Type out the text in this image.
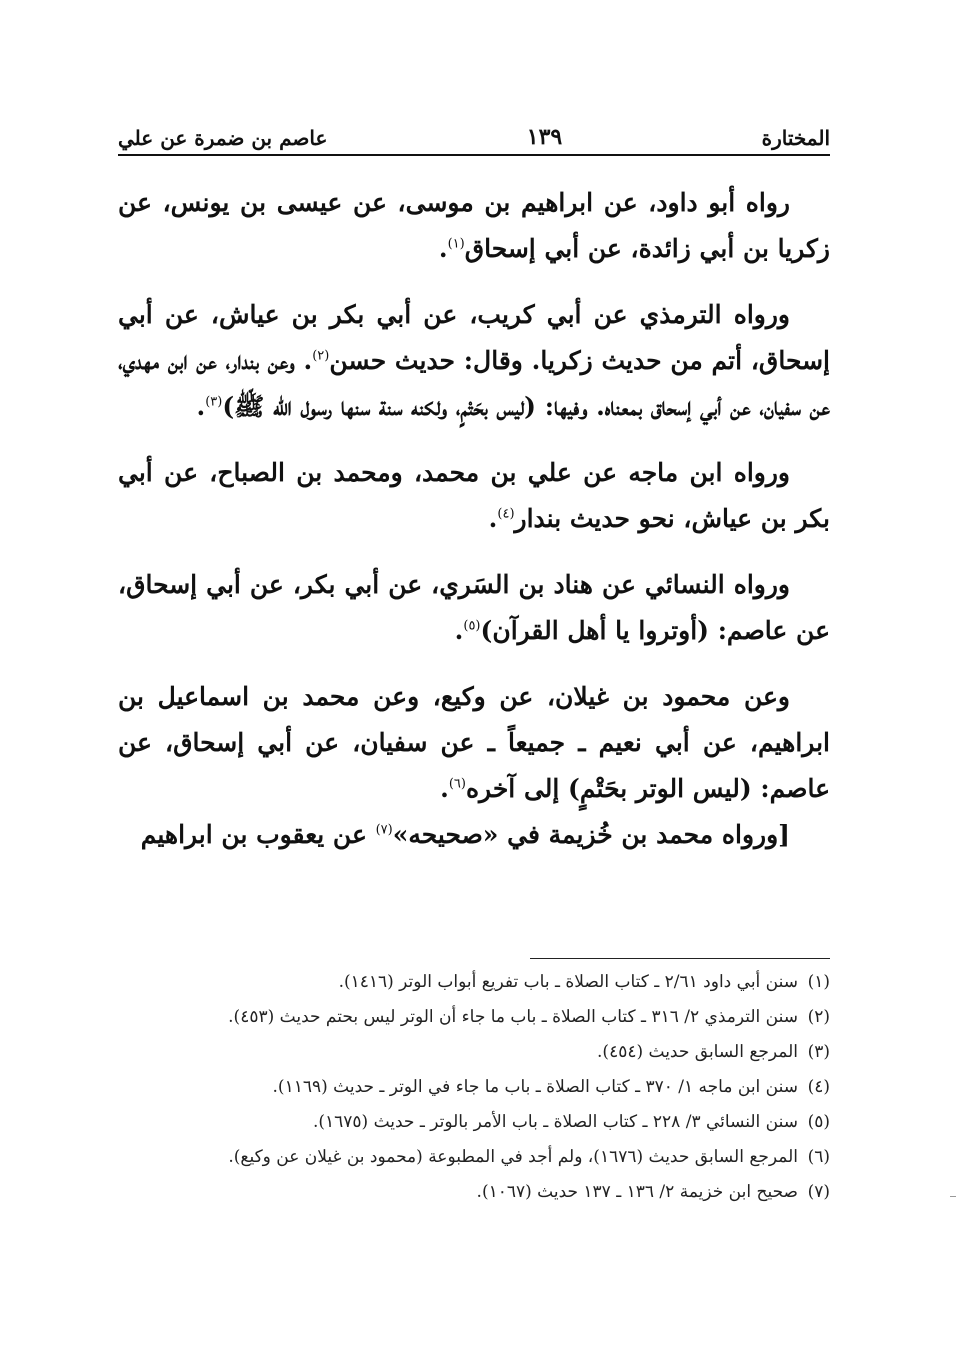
المختارة
١٣٩
عاصم بن ضمرة عن علي

رواه أبو داود، عن ابراهيم بن موسى، عن عيسى بن يونس، عن زكريا بن أبي زائدة، عن أبي إسحاق$^{(١)}$.

ورواه الترمذي عن أبي كريب، عن أبي بكر بن عياش، عن أبي إسحاق، أتم من حديث زكريا. وقال: حديث حسن$^{(٢)}$. وعن بندار، عن ابن مهدي، عن سفيان، عن أبي إسحاق بمعناه. وفيها: (ليس بحَتْمٍ، ولكنه سنة سنها رسول الله ﷺ)$^{(٣)}$.

ورواه ابن ماجه عن علي بن محمد، ومحمد بن الصباح، عن أبي بكر بن عياش، نحو حديث بندار$^{(٤)}$.

ورواه النسائي عن هناد بن السَري، عن أبي بكر، عن أبي إسحاق، عن عاصم: (أوتروا يا أهل القرآن)$^{(٥)}$.

وعن محمود بن غيلان، عن وكيع، وعن محمد بن اسماعيل بن ابراهيم، عن أبي نعيم ـ جميعاً ـ عن سفيان، عن أبي إسحاق، عن عاصم: (ليس الوتر بحَتْمٍ) إلى آخره$^{(٦)}$.

[ورواه محمد بن خُزيمة في «صحيحه»$^{(٧)}$ عن يعقوب بن ابراهيم

(١)
سنن أبي داود ٢/٦١ ـ كتاب الصلاة ـ باب تفريع أبواب الوتر (١٤١٦).
(٢)
سنن الترمذي ٢/ ٣١٦ ـ كتاب الصلاة ـ باب ما جاء أن الوتر ليس بحتم حديث (٤٥٣).
(٣)
المرجع السابق حديث (٤٥٤).
(٤)
سنن ابن ماجه ١/ ٣٧٠ ـ كتاب الصلاة ـ باب ما جاء في الوتر ـ حديث (١١٦٩).
(٥)
سنن النسائي ٣/ ٢٢٨ ـ كتاب الصلاة ـ باب الأمر بالوتر ـ حديث (١٦٧٥).
(٦)
المرجع السابق حديث (١٦٧٦)، ولم أجد في المطبوعة (محمود بن غيلان عن وكيع).
(٧)
صحيح ابن خزيمة ٢/ ١٣٦ ـ ١٣٧ حديث (١٠٦٧).
